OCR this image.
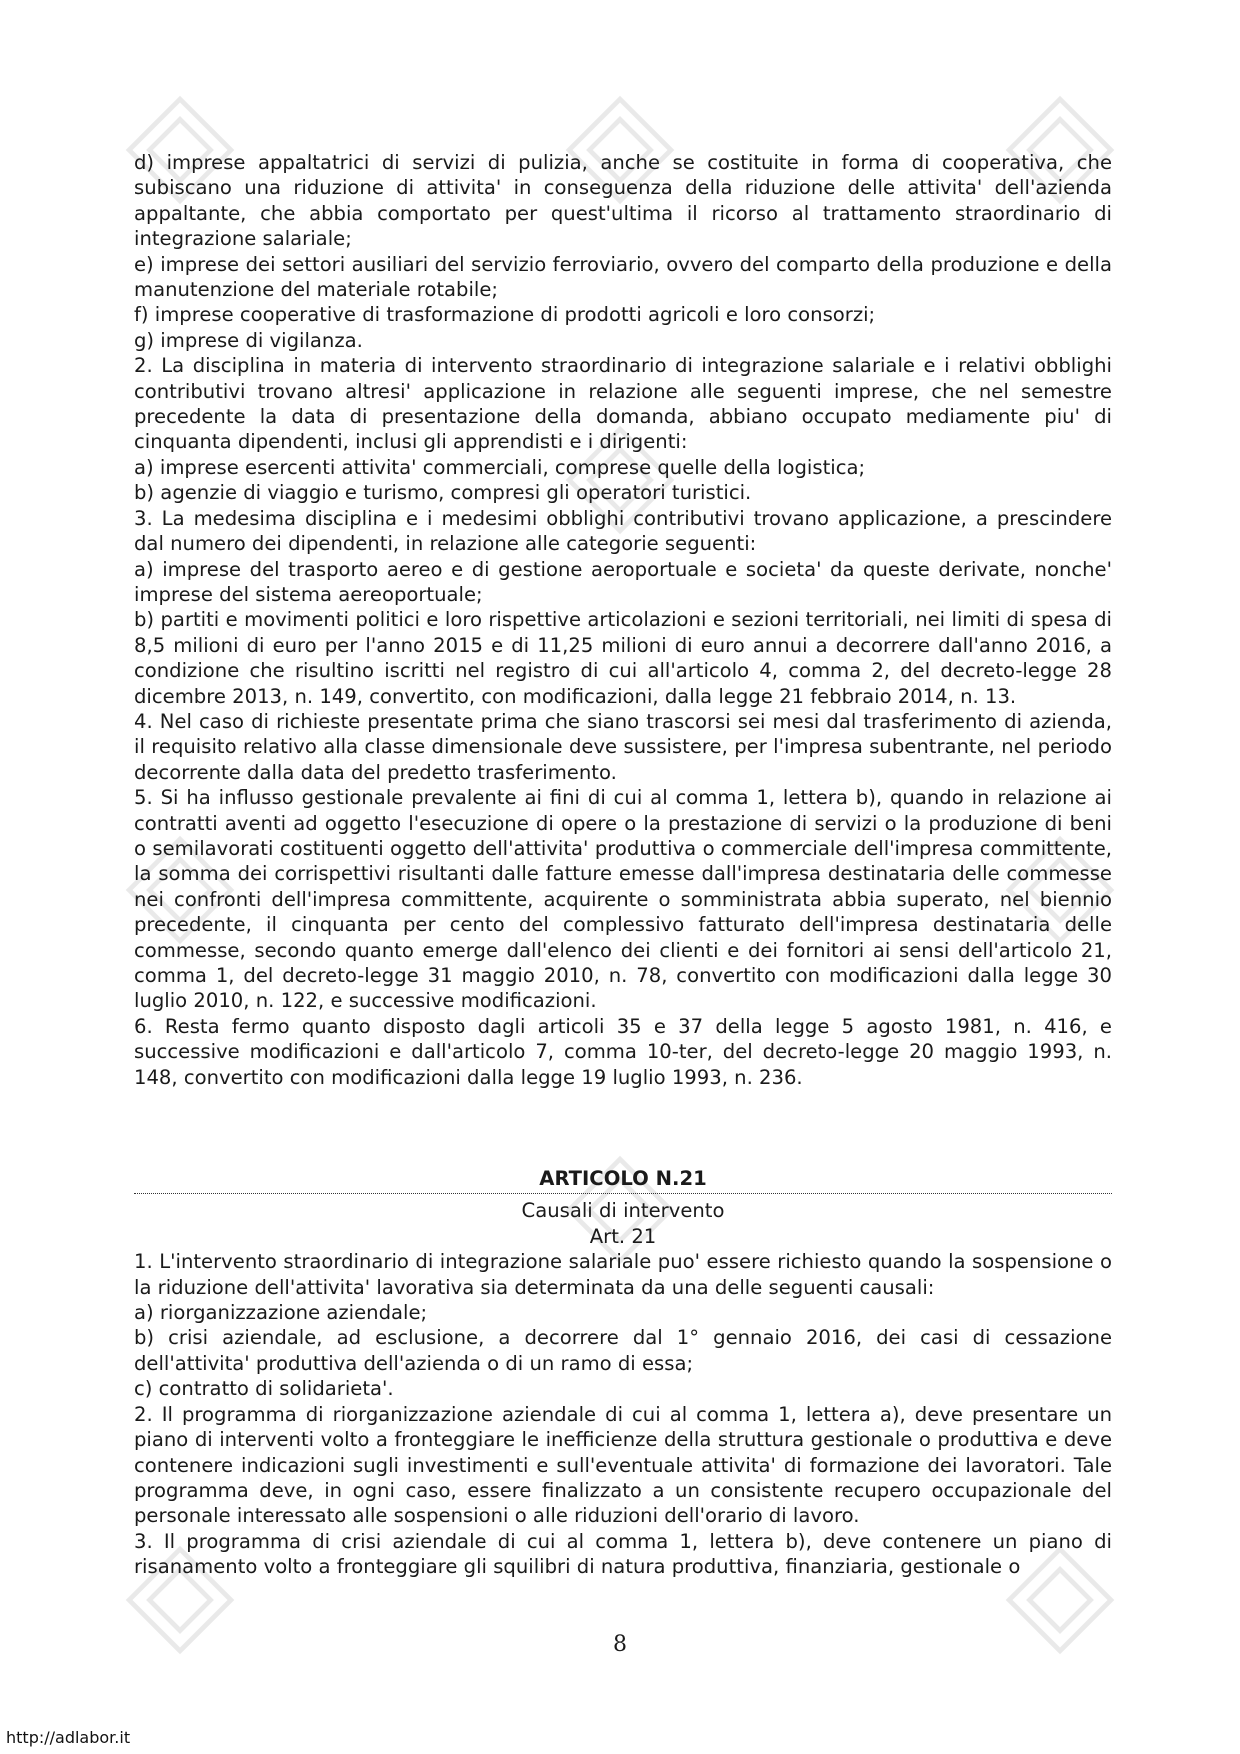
d) imprese appaltatrici di servizi di pulizia, anche se costituite in forma di cooperativa, che subiscano una riduzione di attivita' in conseguenza della riduzione delle attivita' dell'azienda appaltante, che abbia comportato per quest'ultima il ricorso al trattamento straordinario di integrazione salariale;

e) imprese dei settori ausiliari del servizio ferroviario, ovvero del comparto della produzione e della manutenzione del materiale rotabile;

f) imprese cooperative di trasformazione di prodotti agricoli e loro consorzi;

g) imprese di vigilanza.

2. La disciplina in materia di intervento straordinario di integrazione salariale e i relativi obblighi contributivi trovano altresi' applicazione in relazione alle seguenti imprese, che nel semestre precedente la data di presentazione della domanda, abbiano occupato mediamente piu' di cinquanta dipendenti, inclusi gli apprendisti e i dirigenti:

a) imprese esercenti attivita' commerciali, comprese quelle della logistica;

b) agenzie di viaggio e turismo, compresi gli operatori turistici.

3. La medesima disciplina e i medesimi obblighi contributivi trovano applicazione, a prescindere dal numero dei dipendenti, in relazione alle categorie seguenti:

a) imprese del trasporto aereo e di gestione aeroportuale e societa' da queste derivate, nonche' imprese del sistema aereoportuale;

b) partiti e movimenti politici e loro rispettive articolazioni e sezioni territoriali, nei limiti di spesa di 8,5 milioni di euro per l'anno 2015 e di 11,25 milioni di euro annui a decorrere dall'anno 2016, a condizione che risultino iscritti nel registro di cui all'articolo 4, comma 2, del decreto-legge 28 dicembre 2013, n. 149, convertito, con modificazioni, dalla legge 21 febbraio 2014, n. 13.

4. Nel caso di richieste presentate prima che siano trascorsi sei mesi dal trasferimento di azienda, il requisito relativo alla classe dimensionale deve sussistere, per l'impresa subentrante, nel periodo decorrente dalla data del predetto trasferimento.

5. Si ha influsso gestionale prevalente ai fini di cui al comma 1, lettera b), quando in relazione ai contratti aventi ad oggetto l'esecuzione di opere o la prestazione di servizi o la produzione di beni o semilavorati costituenti oggetto dell'attivita' produttiva o commerciale dell'impresa committente, la somma dei corrispettivi risultanti dalle fatture emesse dall'impresa destinataria delle commesse nei confronti dell'impresa committente, acquirente o somministrata abbia superato, nel biennio precedente, il cinquanta per cento del complessivo fatturato dell'impresa destinataria delle commesse, secondo quanto emerge dall'elenco dei clienti e dei fornitori ai sensi dell'articolo 21, comma 1, del decreto-legge 31 maggio 2010, n. 78, convertito con modificazioni dalla legge 30 luglio 2010, n. 122, e successive modificazioni.

6. Resta fermo quanto disposto dagli articoli 35 e 37 della legge 5 agosto 1981, n. 416, e successive modificazioni e dall'articolo 7, comma 10-ter, del decreto-legge 20 maggio 1993, n. 148, convertito con modificazioni dalla legge 19 luglio 1993, n. 236.

ARTICOLO N.21
Causali di intervento
Art. 21

1. L'intervento straordinario di integrazione salariale puo' essere richiesto quando la sospensione o la riduzione dell'attivita' lavorativa sia determinata da una delle seguenti causali:

a) riorganizzazione aziendale;

b) crisi aziendale, ad esclusione, a decorrere dal 1° gennaio 2016, dei casi di cessazione dell'attivita' produttiva dell'azienda o di un ramo di essa;

c) contratto di solidarieta'.

2. Il programma di riorganizzazione aziendale di cui al comma 1, lettera a), deve presentare un piano di interventi volto a fronteggiare le inefficienze della struttura gestionale o produttiva e deve contenere indicazioni sugli investimenti e sull'eventuale attivita' di formazione dei lavoratori. Tale programma deve, in ogni caso, essere finalizzato a un consistente recupero occupazionale del personale interessato alle sospensioni o alle riduzioni dell'orario di lavoro.

3. Il programma di crisi aziendale di cui al comma 1, lettera b), deve contenere un piano di risanamento volto a fronteggiare gli squilibri di natura produttiva, finanziaria, gestionale o

8
http://adlabor.it
